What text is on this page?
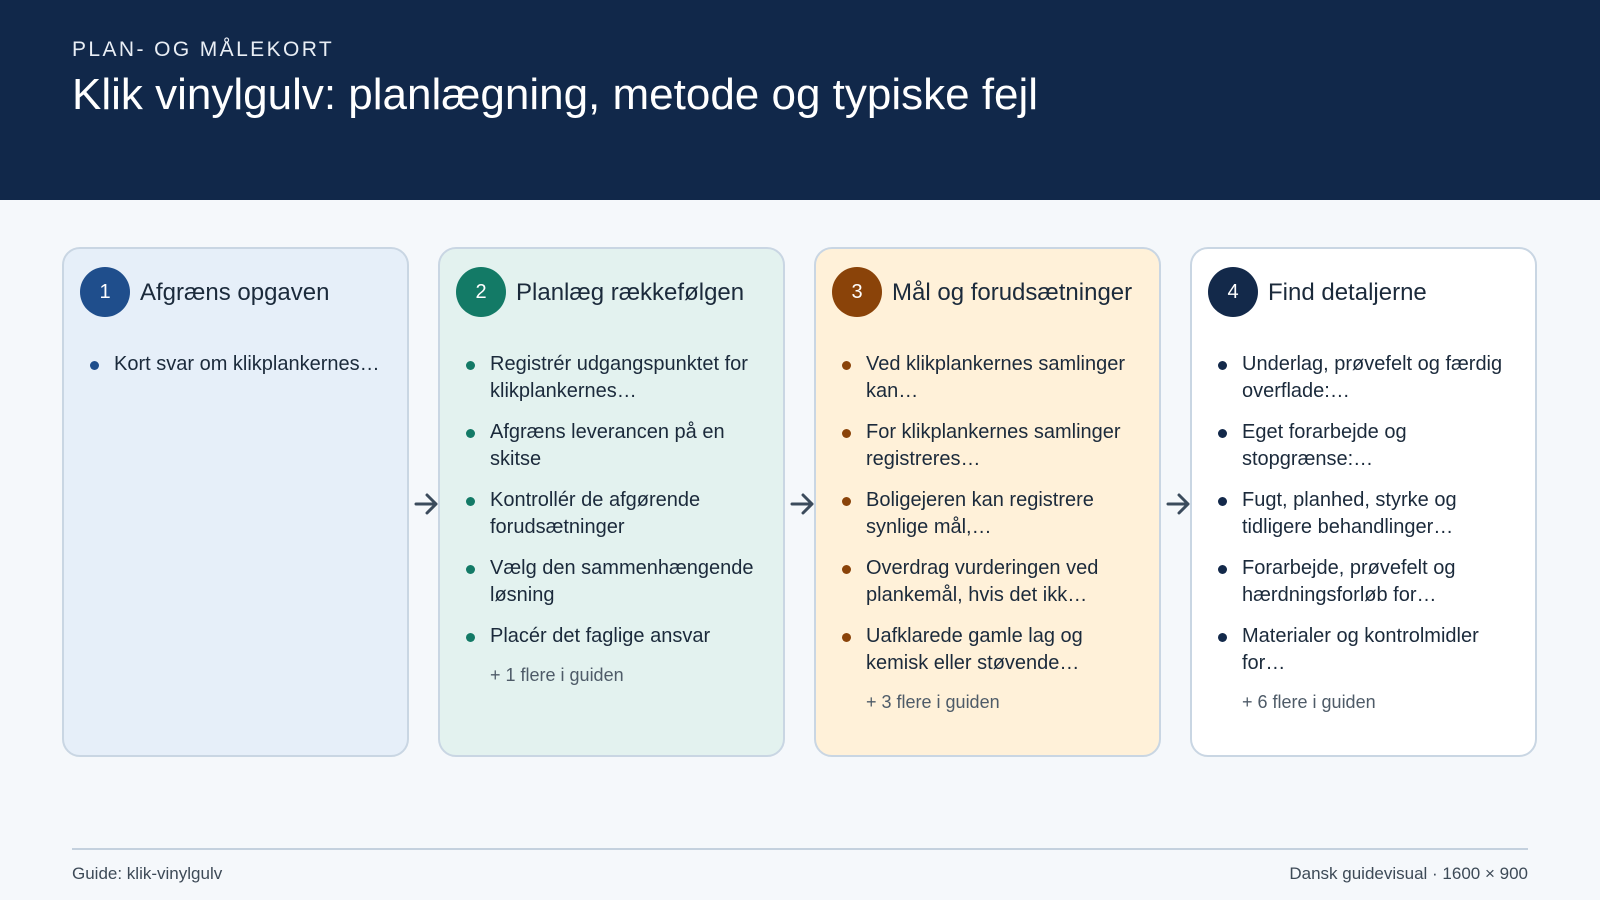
PLAN- OG MÅLEKORT
Klik vinylgulv: planlægning, metode og typiske fejl
1	Afgræns opgaven
Kort svar om klikplankernes…
2	Planlæg rækkefølgen
Registrér udgangspunktet for klikplankernes…
Afgræns leverancen på en skitse
Kontrollér de afgørende forudsætninger
Vælg den sammenhængende løsning
Placér det faglige ansvar
+ 1 flere i guiden
3	Mål og forudsætninger
Ved klikplankernes samlinger kan…
For klikplankernes samlinger registreres…
Boligejeren kan registrere synlige mål,…
Overdrag vurderingen ved plankemål, hvis det ikk…
Uafklarede gamle lag og kemisk eller støvende…
+ 3 flere i guiden
4	Find detaljerne
Underlag, prøvefelt og færdig overflade:…
Eget forarbejde og stopgrænse:…
Fugt, planhed, styrke og tidligere behandlinger…
Forarbejde, prøvefelt og hærdningsforløb for…
Materialer og kontrolmidler for…
+ 6 flere i guiden
Guide: klik-vinylgulv	Dansk guidevisual · 1600 × 900
